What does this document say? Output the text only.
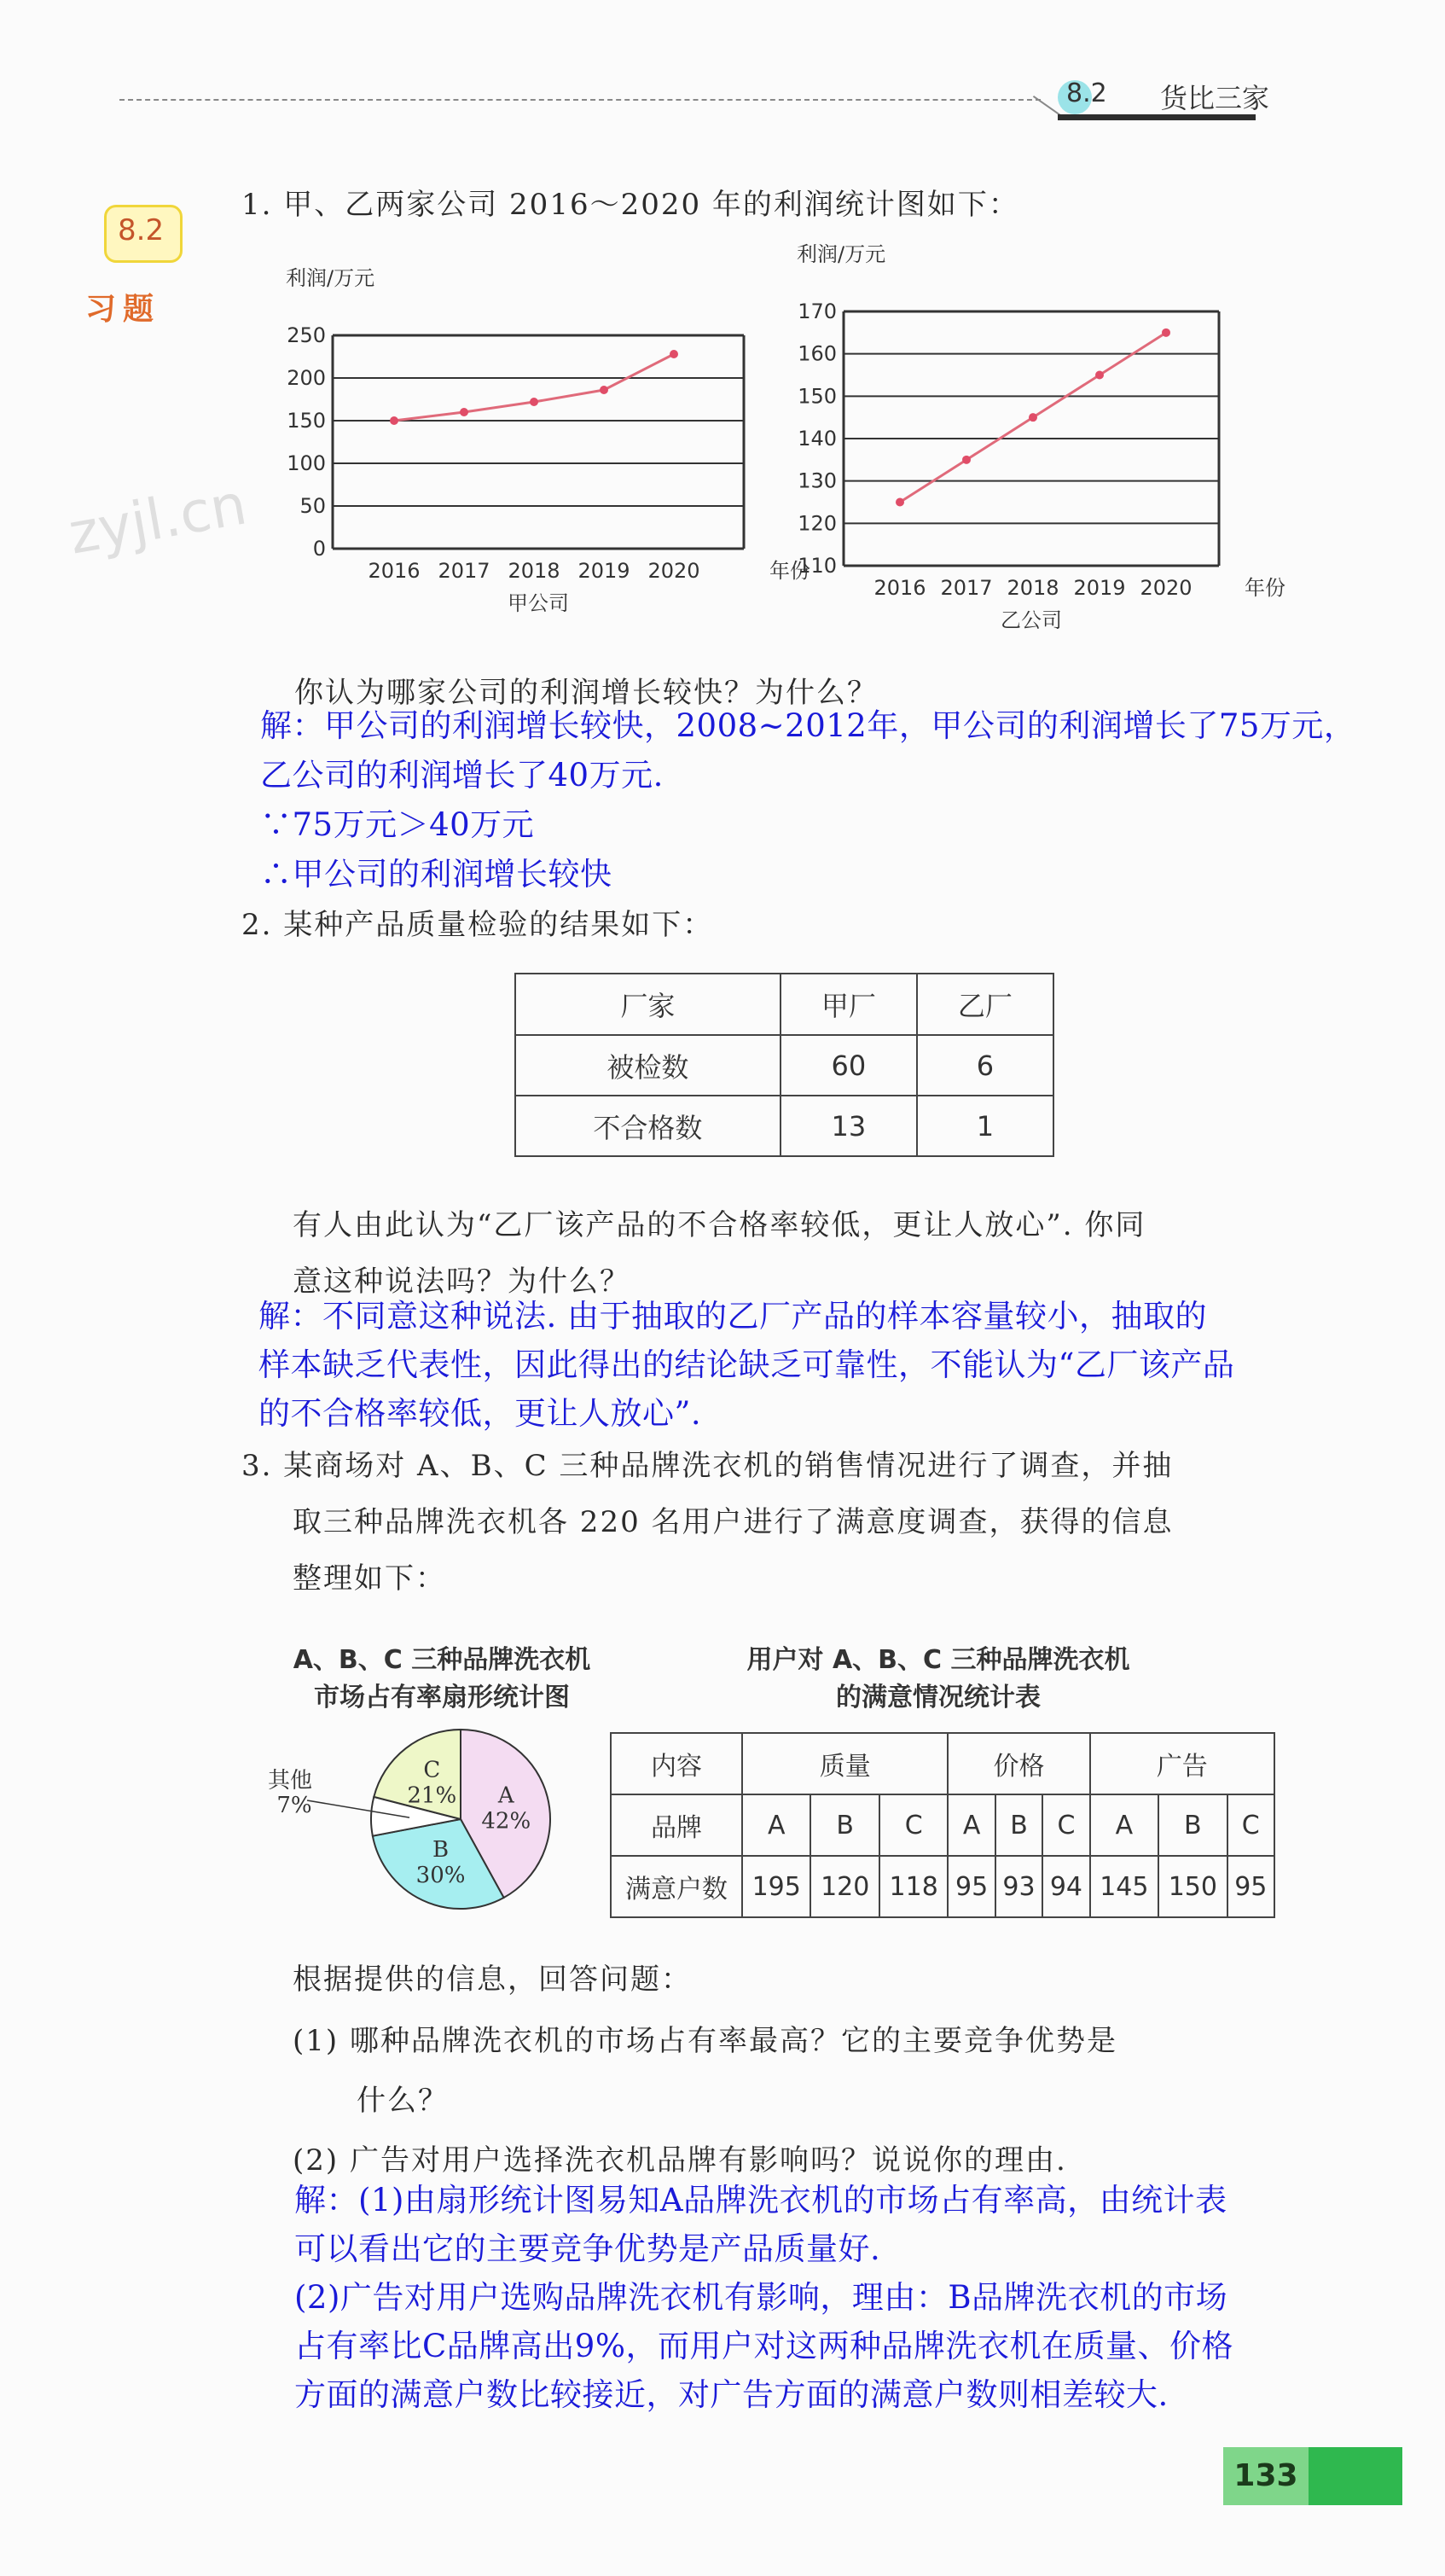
8.2 货比三家
8.2
习题
zyjl.cn
1. 甲、乙两家公司 2016～2020 年的利润统计图如下：
利润/万元
250
200
150
100
50
0
2016 2017 2018 2019 2020	年份
甲公司
利润/万元
170
160
150
140
130
120
110
2016 2017 2018 2019 2020	年份
乙公司
你认为哪家公司的利润增长较快？为什么？
解：甲公司的利润增长较快，2008~2012年，甲公司的利润增长了75万元，
乙公司的利润增长了40万元.
∵75万元＞40万元
∴甲公司的利润增长较快
2. 某种产品质量检验的结果如下：
厂家	甲厂	乙厂
被检数	60	6
不合格数	13	1
有人由此认为“乙厂该产品的不合格率较低，更让人放心”. 你同
意这种说法吗？为什么？
解：不同意这种说法. 由于抽取的乙厂产品的样本容量较小，抽取的
样本缺乏代表性，因此得出的结论缺乏可靠性，不能认为“乙厂该产品
的不合格率较低，更让人放心”.
3. 某商场对 A、B、C 三种品牌洗衣机的销售情况进行了调查，并抽
取三种品牌洗衣机各 220 名用户进行了满意度调查，获得的信息
整理如下：
A、B、C 三种品牌洗衣机
市场占有率扇形统计图
用户对 A、B、C 三种品牌洗衣机
的满意情况统计表
A
42%
B
30%
其他
7%
C
21%
内容	质量			价格			广告		
品牌	A	B	C	A	B	C	A	B	C
满意户数	195	120	118	95	93	94	145	150	95
根据提供的信息，回答问题：
(1) 哪种品牌洗衣机的市场占有率最高？它的主要竞争优势是
什么？
(2) 广告对用户选择洗衣机品牌有影响吗？说说你的理由.
解：(1)由扇形统计图易知A品牌洗衣机的市场占有率高，由统计表
可以看出它的主要竞争优势是产品质量好.
(2)广告对用户选购品牌洗衣机有影响，理由：B品牌洗衣机的市场
占有率比C品牌高出9%，而用户对这两种品牌洗衣机在质量、价格
方面的满意户数比较接近，对广告方面的满意户数则相差较大.
133
